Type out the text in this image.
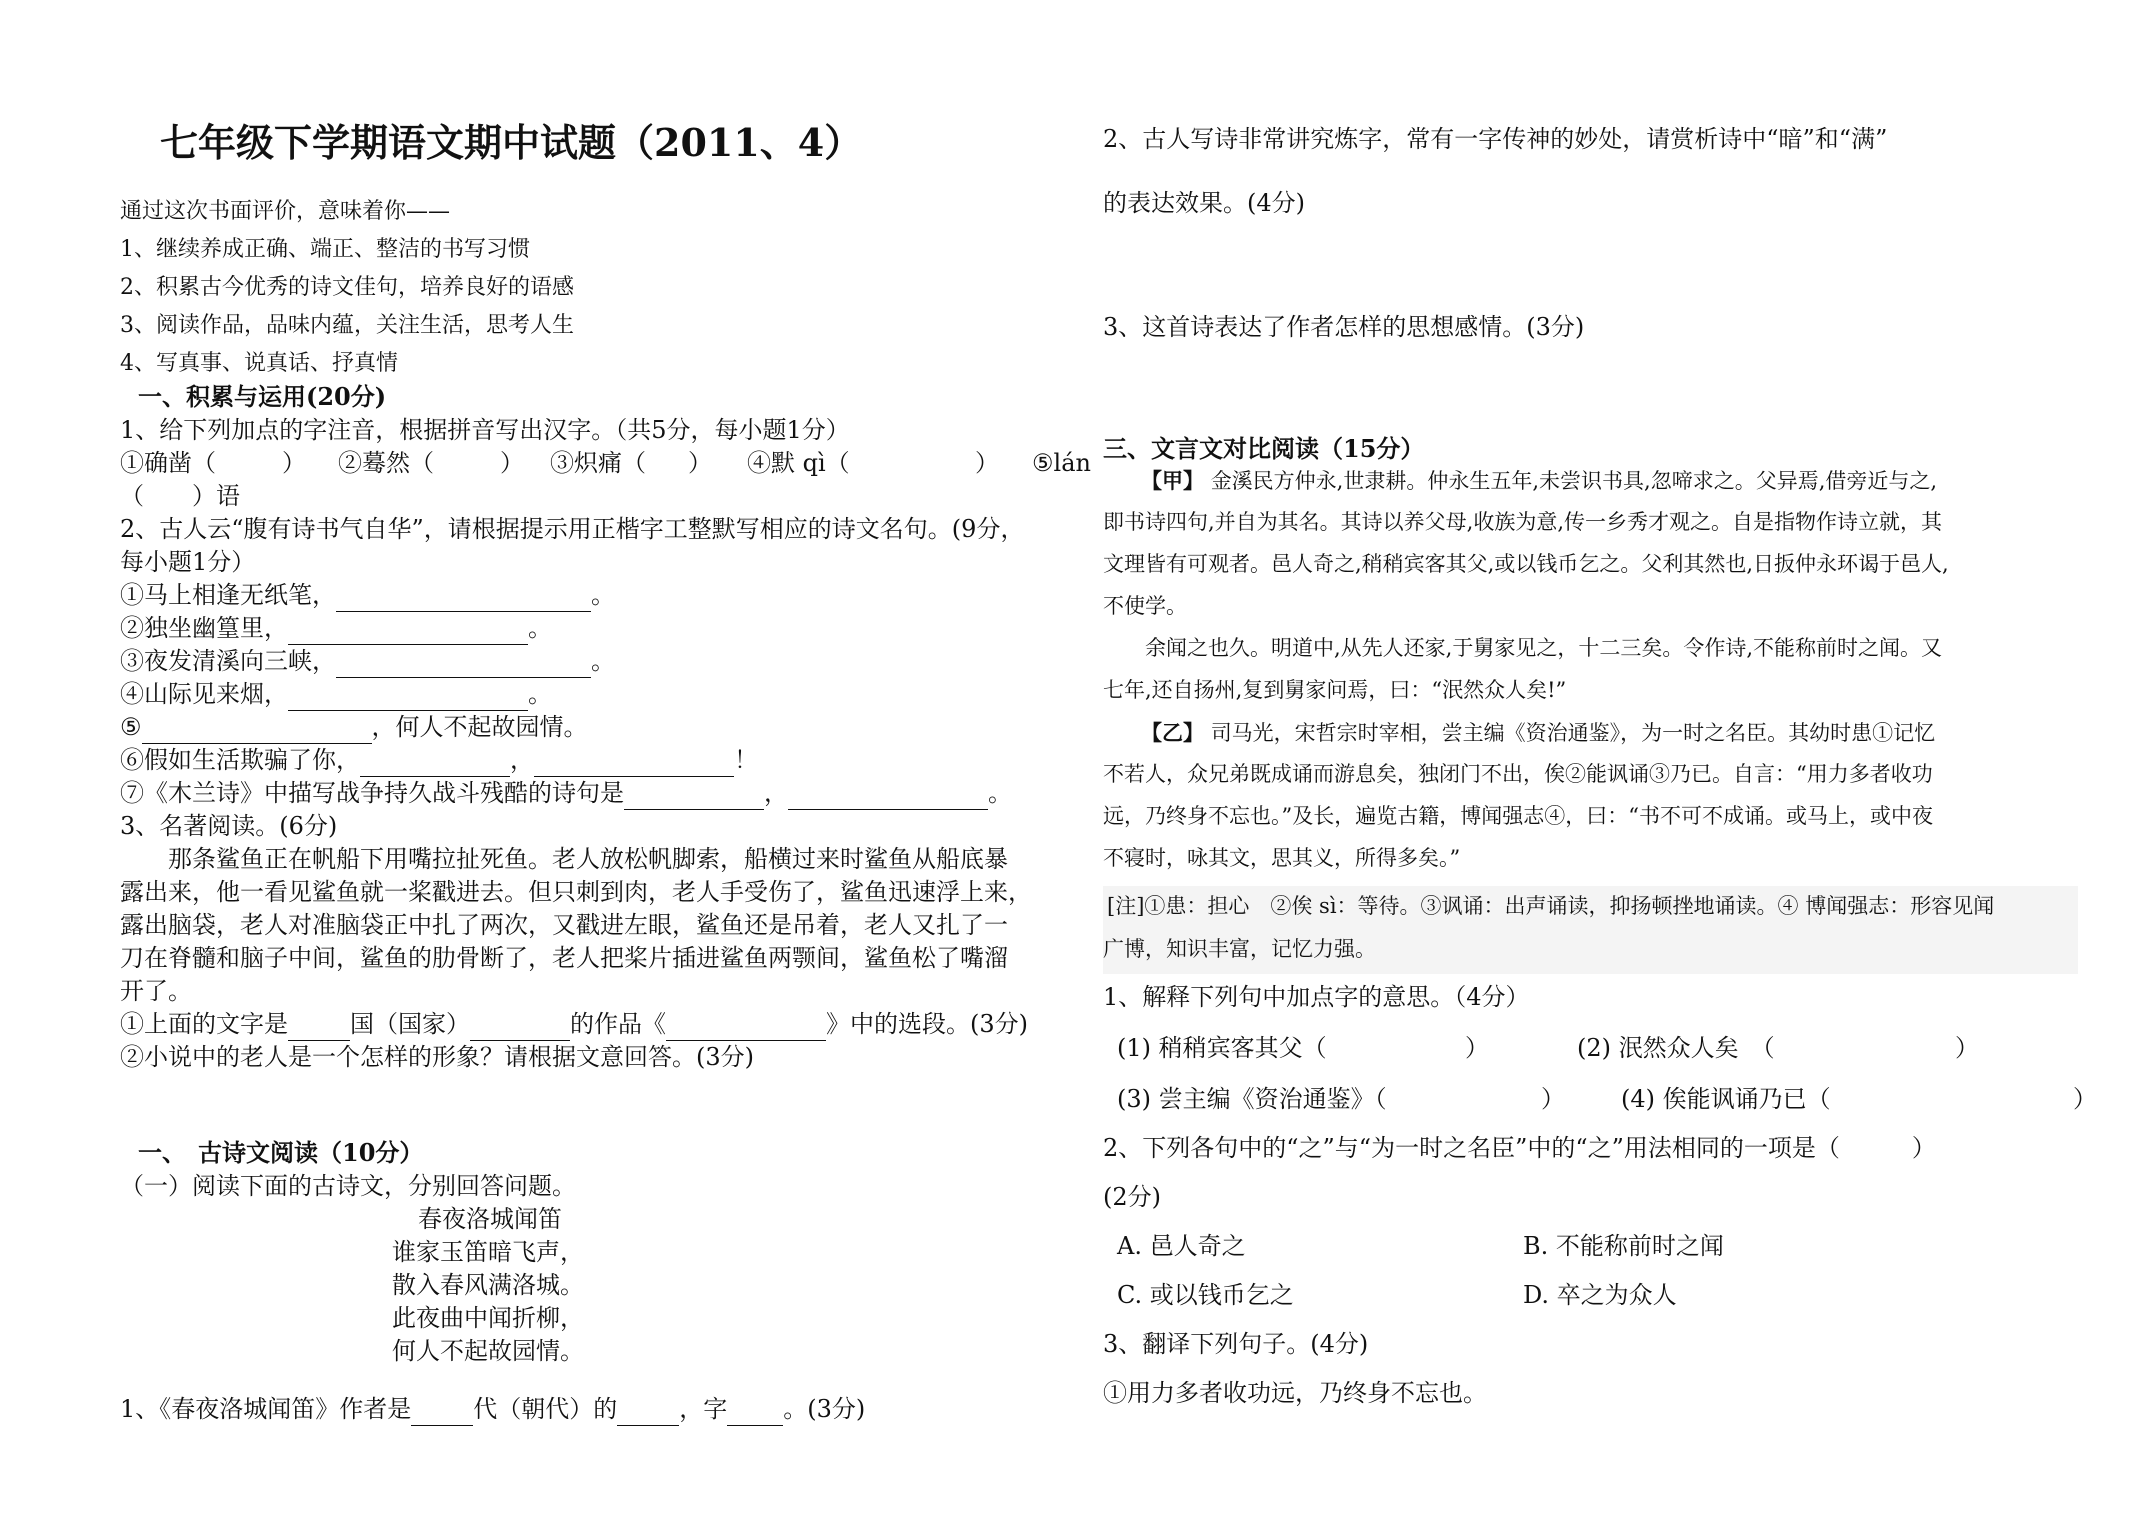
七年级下学期语文期中试题（2011、4）
通过这次书面评价，意味着你——
1、继续养成正确、端正、整洁的书写习惯
2、积累古今优秀的诗文佳句，培养良好的语感
3、阅读作品，品味内蕴，关注生活，思考人生
4、写真事、说真话、抒真情
一、积累与运用(20分)
1、给下列加点的字注音，根据拼音写出汉字。（共5分，每小题1分）
①确凿（	） ②蓦然（	） ③炽痛（ ） ④默 qì（	） ⑤lán
（　　）语
2、古人云“腹有诗书气自华”，请根据提示用正楷字工整默写相应的诗文名句。(9分，
每小题1分）
①马上相逢无纸笔，	。
②独坐幽篁里，	。
③夜发清溪向三峡，	。
④山际见来烟，	。
⑤	，何人不起故园情。
⑥假如生活欺骗了你，	，	！
⑦《木兰诗》中描写战争持久战斗残酷的诗句是	，	。
3、名著阅读。(6分)
　　那条鲨鱼正在帆船下用嘴拉扯死鱼。老人放松帆脚索，船横过来时鲨鱼从船底暴
露出来，他一看见鲨鱼就一桨戳进去。但只刺到肉，老人手受伤了，鲨鱼迅速浮上来，
露出脑袋，老人对准脑袋正中扎了两次，又戳进左眼，鲨鱼还是吊着，老人又扎了一
刀在脊髓和脑子中间，鲨鱼的肋骨断了，老人把桨片插进鲨鱼两颚间，鲨鱼松了嘴溜
开了。
①上面的文字是	国（国家）	的作品《	》中的选段。(3分)
②小说中的老人是一个怎样的形象？请根据文意回答。(3分)
一、　古诗文阅读（10分）
（一）阅读下面的古诗文，分别回答问题。
春夜洛城闻笛
谁家玉笛暗飞声，
散入春风满洛城。
此夜曲中闻折柳，
何人不起故园情。
1、《春夜洛城闻笛》作者是	代（朝代）的	，字 。(3分)
2、古人写诗非常讲究炼字，常有一字传神的妙处，请赏析诗中“暗”和“满”
的表达效果。(4分)
3、这首诗表达了作者怎样的思想感情。(3分)
三、文言文对比阅读（15分）
【甲】 金溪民方仲永,世隶耕。仲永生五年,未尝识书具,忽啼求之。父异焉,借旁近与之,
即书诗四句,并自为其名。其诗以养父母,收族为意,传一乡秀才观之。自是指物作诗立就，其
文理皆有可观者。邑人奇之,稍稍宾客其父,或以钱币乞之。父利其然也,日扳仲永环谒于邑人,
不使学。
　　余闻之也久。明道中,从先人还家,于舅家见之，十二三矣。令作诗,不能称前时之闻。又
七年,还自扬州,复到舅家问焉，曰：“泯然众人矣!”
【乙】 司马光，宋哲宗时宰相，尝主编《资治通鉴》，为一时之名臣。其幼时患①记忆
不若人，众兄弟既成诵而游息矣，独闭门不出，俟②能讽诵③乃已。自言：“用力多者收功
远，乃终身不忘也。”及长，遍览古籍，博闻强志④，曰：“书不可不成诵。或马上，或中夜
不寝时，咏其文，思其义，所得多矣。”
[注]①患：担心　②俟 sì：等待。③讽诵：出声诵读，抑扬顿挫地诵读。④ 博闻强志：形容见闻
广博，知识丰富，记忆力强。
1、解释下列句中加点字的意思。（4分）
(1) 稍稍宾客其父（	）	(2) 泯然众人矣　（	）
(3) 尝主编《资治通鉴》（	） (4) 俟能讽诵乃已（	）
2、下列各句中的“之”与“为一时之名臣”中的“之”用法相同的一项是（　　　）
(2分)
A. 邑人奇之	B. 不能称前时之闻
C. 或以钱币乞之	D. 卒之为众人
3、翻译下列句子。(4分)
①用力多者收功远，乃终身不忘也。
